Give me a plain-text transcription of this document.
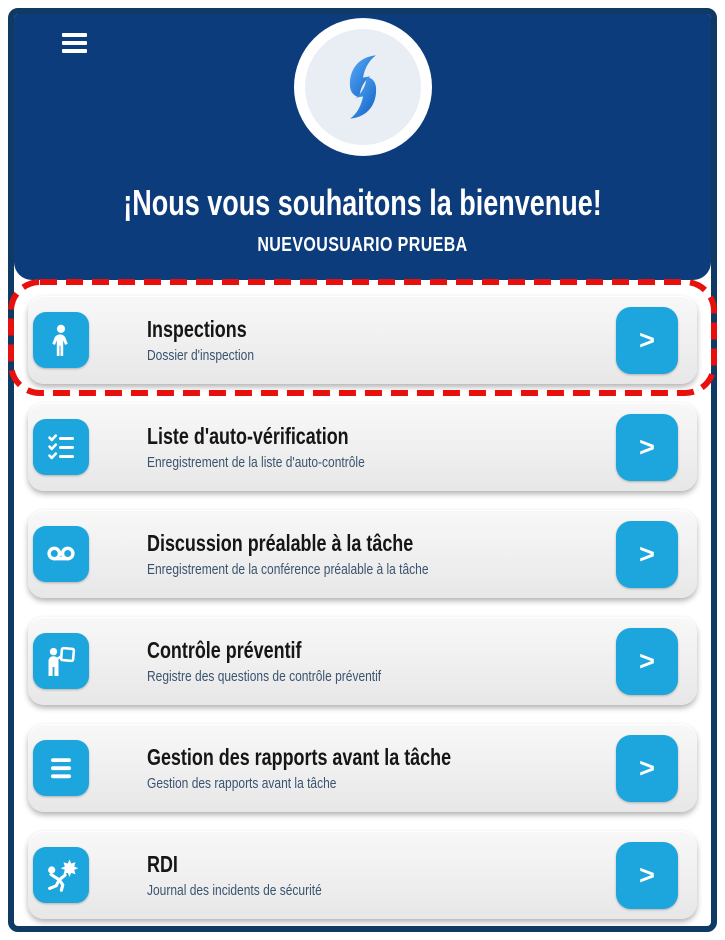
¡Nous vous souhaitons la bienvenue!
NUEVOUSUARIO PRUEBA
Inspections
Dossier d'inspection
>
Liste d'auto-vérification
Enregistrement de la liste d'auto-contrôle
>
Discussion préalable à la tâche
Enregistrement de la conférence préalable à la tâche
>
Contrôle préventif
Registre des questions de contrôle préventif
>
Gestion des rapports avant la tâche
Gestion des rapports avant la tâche
>
RDI
Journal des incidents de sécurité
>
